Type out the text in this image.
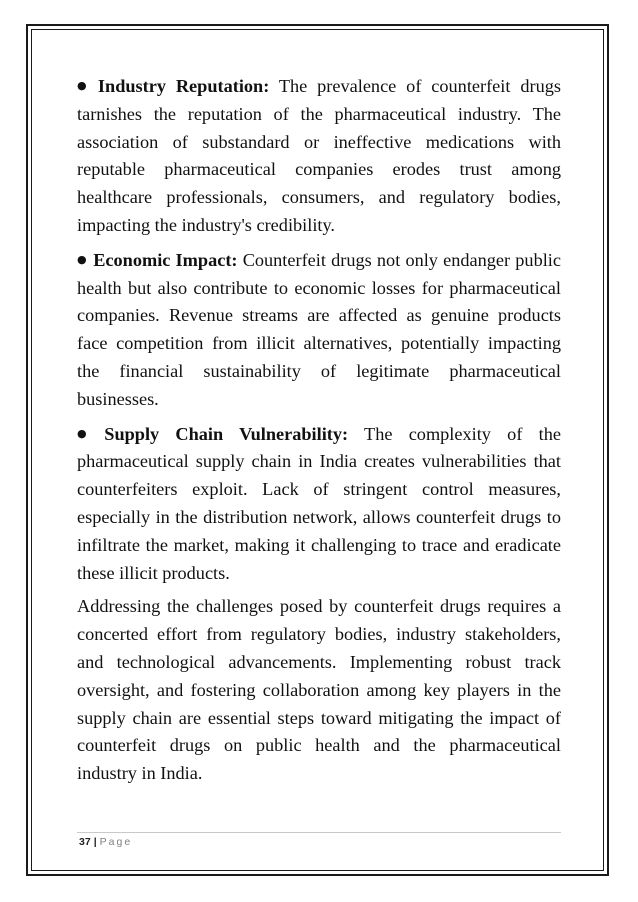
● Industry Reputation: The prevalence of counterfeit drugs tarnishes the reputation of the pharmaceutical industry. The association of substandard or ineffective medications with reputable pharmaceutical companies erodes trust among healthcare professionals, consumers, and regulatory bodies, impacting the industry's credibility.

● Economic Impact: Counterfeit drugs not only endanger public health but also contribute to economic losses for pharmaceutical companies. Revenue streams are affected as genuine products face competition from illicit alternatives, potentially impacting the financial sustainability of legitimate pharmaceutical businesses.

● Supply Chain Vulnerability: The complexity of the pharmaceutical supply chain in India creates vulnerabilities that counterfeiters exploit. Lack of stringent control measures, especially in the distribution network, allows counterfeit drugs to infiltrate the market, making it challenging to trace and eradicate these illicit products.

Addressing the challenges posed by counterfeit drugs requires a concerted effort from regulatory bodies, industry stakeholders, and technological advancements. Implementing robust track oversight, and fostering collaboration among key players in the supply chain are essential steps toward mitigating the impact of counterfeit drugs on public health and the pharmaceutical industry in India.

37 | Page
